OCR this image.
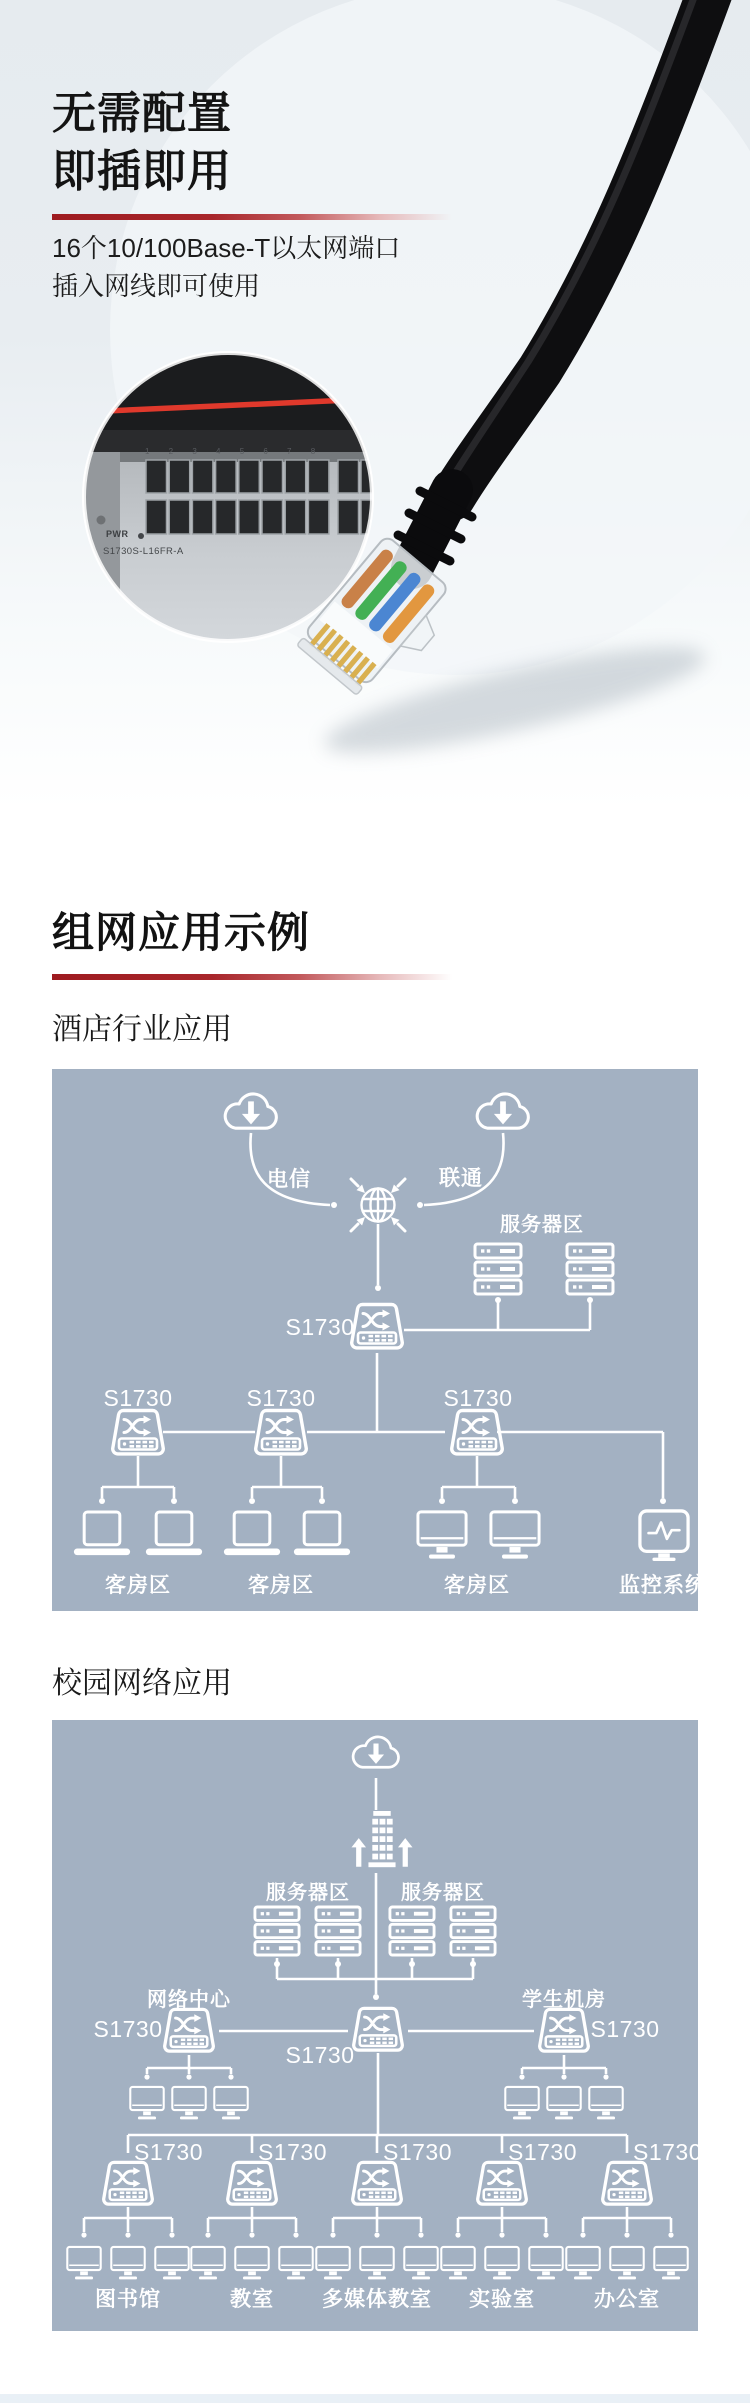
无需配置
即插即用
16个10/100Base-T以太网端口
插入网线即可使用
1 2 3 4 5 6 7 8
PWR
S1730S-L16FR-A
组网应用示例
酒店行业应用
电信	联通
服务器区
S1730
S1730	S1730	S1730
客房区	客房区	客房区	监控系统
校园网络应用
服务器区	服务器区
网络中心	学生机房
S1730
S1730
S1730
S1730 S1730 S1730 S1730 S1730
图书馆	教室 多媒体教室 实验室	办公室
